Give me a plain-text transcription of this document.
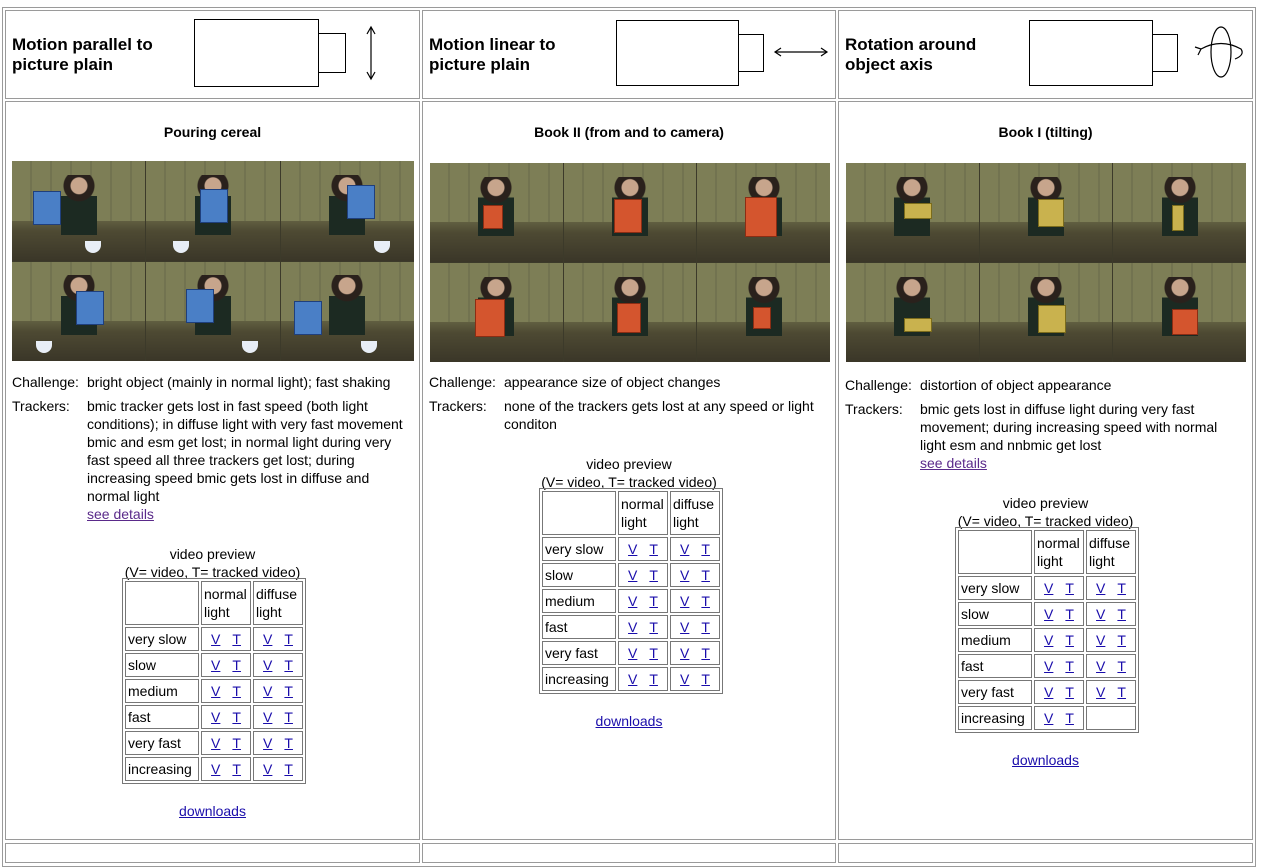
Motion parallel to picture plain
Motion linear to picture plain
Rotation around object axis
Pouring cereal
Challenge: bright object (mainly in normal light); fast shaking
Trackers:	bmic tracker gets lost in fast speed (both light conditions); in diffuse light with very fast movement bmic and esm get lost; in normal light during very fast speed all three trackers get lost; during increasing speed bmic gets lost in diffuse and normal light
see details
video preview
(V= video, T= tracked video)
	normal light	diffuse light
very slow	V T	V T
slow	V T	V T
medium	V T	V T
fast	V T	V T
very fast	V T	V T
increasing	V T	V T
downloads
Book II (from and to camera)
Challenge: appearance size of object changes
Trackers:	none of the trackers gets lost at any speed or light conditon
video preview
(V= video, T= tracked video)
	normal light	diffuse light
very slow	V T	V T
slow	V T	V T
medium	V T	V T
fast	V T	V T
very fast	V T	V T
increasing	V T	V T
downloads
Book I (tilting)
Challenge: distortion of object appearance
Trackers:	bmic gets lost in diffuse light during very fast movement; during increasing speed with normal light esm and nnbmic get lost
see details
video preview
(V= video, T= tracked video)
	normal light	diffuse light
very slow	V T	V T
slow	V T	V T
medium	V T	V T
fast	V T	V T
very fast	V T	V T
increasing	V T	
downloads
